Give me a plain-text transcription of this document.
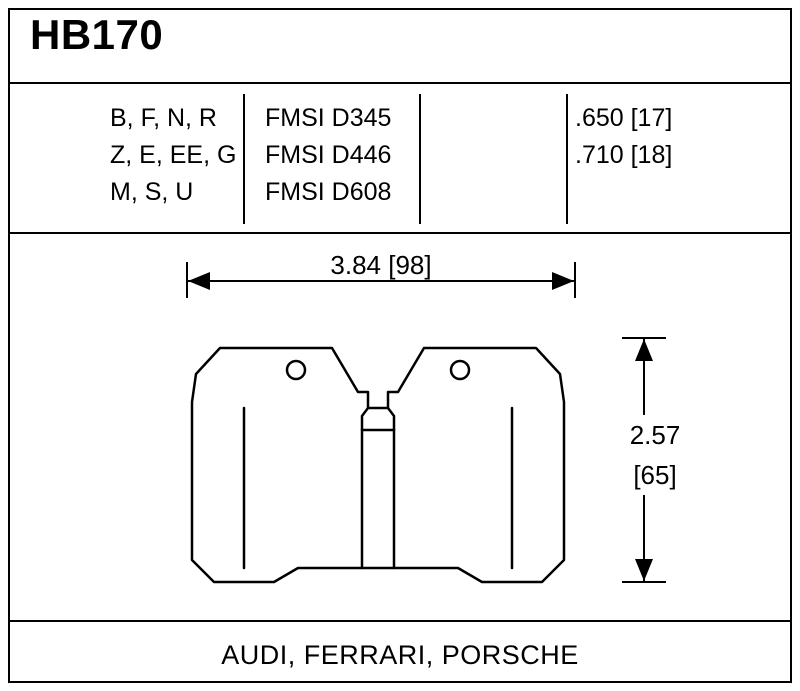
HB170
B, F, N, R
Z, E, EE, G
M, S, U
FMSI D345
FMSI D446
FMSI D608
.650 [17]
.710 [18]
3.84 [98]
2.57
[65]
AUDI, FERRARI, PORSCHE
